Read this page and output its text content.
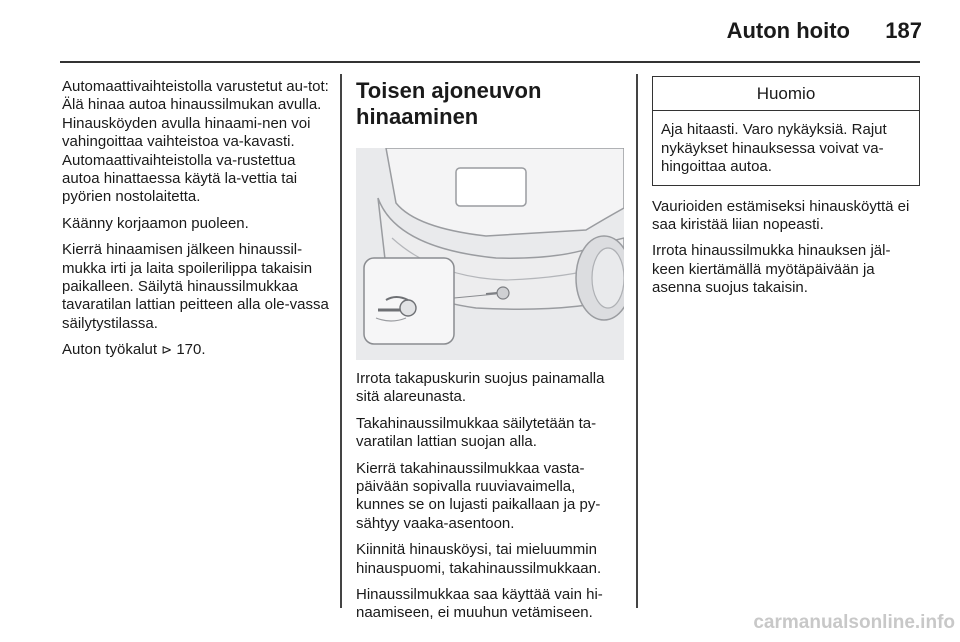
Auton hoito	187

Automaattivaihteistolla varustetut au-tot: Älä hinaa autoa hinaussilmukan avulla. Hinausköyden avulla hinaami-nen voi vahingoittaa vaihteistoa va-kavasti. Automaattivaihteistolla va-rustettua autoa hinattaessa käytä la-vettia tai pyörien nostolaitetta.

Käänny korjaamon puoleen.

Kierrä hinaamisen jälkeen hinaussil-mukka irti ja laita spoilerilippa takaisin paikalleen. Säilytä hinaussilmukkaa tavaratilan lattian peitteen alla ole-vassa säilytystilassa.

Auton työkalut ⊳ 170.

Toisen ajoneuvon hinaaminen

Irrota takapuskurin suojus painamalla sitä alareunasta.

Takahinaussilmukkaa säilytetään ta-varatilan lattian suojan alla.

Kierrä takahinaussilmukkaa vasta-päivään sopivalla ruuviavaimella, kunnes se on lujasti paikallaan ja py-sähtyy vaaka-asentoon.

Kiinnitä hinausköysi, tai mieluummin hinauspuomi, takahinaussilmukkaan.

Hinaussilmukkaa saa käyttää vain hi-naamiseen, ei muuhun vetämiseen.

Huomio
Aja hitaasti. Varo nykäyksiä. Rajut nykäykset hinauksessa voivat va-hingoittaa autoa.

Vaurioiden estämiseksi hinausköyttä ei saa kiristää liian nopeasti.

Irrota hinaussilmukka hinauksen jäl-keen kiertämällä myötäpäivään ja asenna suojus takaisin.

carmanualsonline.info
